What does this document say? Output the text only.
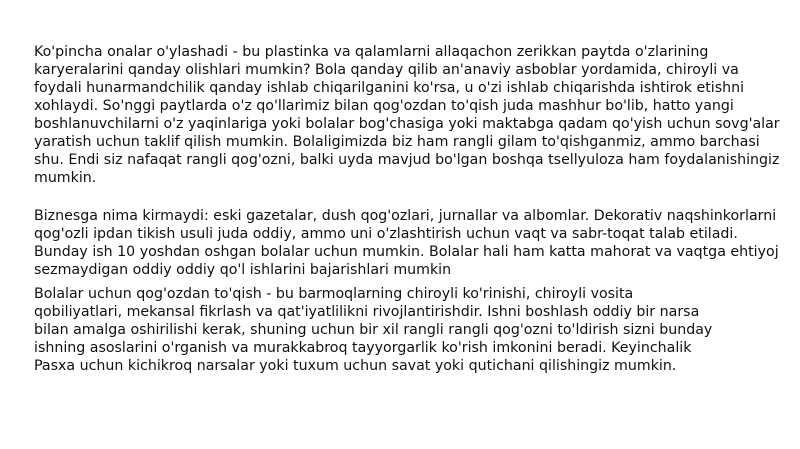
Ko'pincha onalar o'ylashadi - bu plastinka va qalamlarni allaqachon zerikkan paytda o'zlarining
karyeralarini qanday olishlari mumkin? Bola qanday qilib an'anaviy asboblar yordamida, chiroyli va
foydali hunarmandchilik qanday ishlab chiqarilganini ko'rsa, u o'zi ishlab chiqarishda ishtirok etishni
xohlaydi. So'nggi paytlarda o'z qo'llarimiz bilan qog'ozdan to'qish juda mashhur bo'lib, hatto yangi
boshlanuvchilarni o'z yaqinlariga yoki bolalar bog'chasiga yoki maktabga qadam qo'yish uchun sovg'alar
yaratish uchun taklif qilish mumkin. Bolaligimizda biz ham rangli gilam to'qishganmiz, ammo barchasi
shu. Endi siz nafaqat rangli qog'ozni, balki uyda mavjud bo'lgan boshqa tsellyuloza ham foydalanishingiz
mumkin.

Biznesga nima kirmaydi: eski gazetalar, dush qog'ozlari, jurnallar va albomlar. Dekorativ naqshinkorlarni
qog'ozli ipdan tikish usuli juda oddiy, ammo uni o'zlashtirish uchun vaqt va sabr-toqat talab etiladi.
Bunday ish 10 yoshdan oshgan bolalar uchun mumkin. Bolalar hali ham katta mahorat va vaqtga ehtiyoj
sezmaydigan oddiy oddiy qo'l ishlarini bajarishlari mumkin

Bolalar uchun qog'ozdan to'qish - bu barmoqlarning chiroyli ko'rinishi, chiroyli vosita
qobiliyatlari, mekansal fikrlash va qat'iyatlilikni rivojlantirishdir. Ishni boshlash oddiy bir narsa
bilan amalga oshirilishi kerak, shuning uchun bir xil rangli rangli qog'ozni to'ldirish sizni bunday
ishning asoslarini o'rganish va murakkabroq tayyorgarlik ko'rish imkonini beradi. Keyinchalik
Pasxa uchun kichikroq narsalar yoki tuxum uchun savat yoki qutichani qilishingiz mumkin.
